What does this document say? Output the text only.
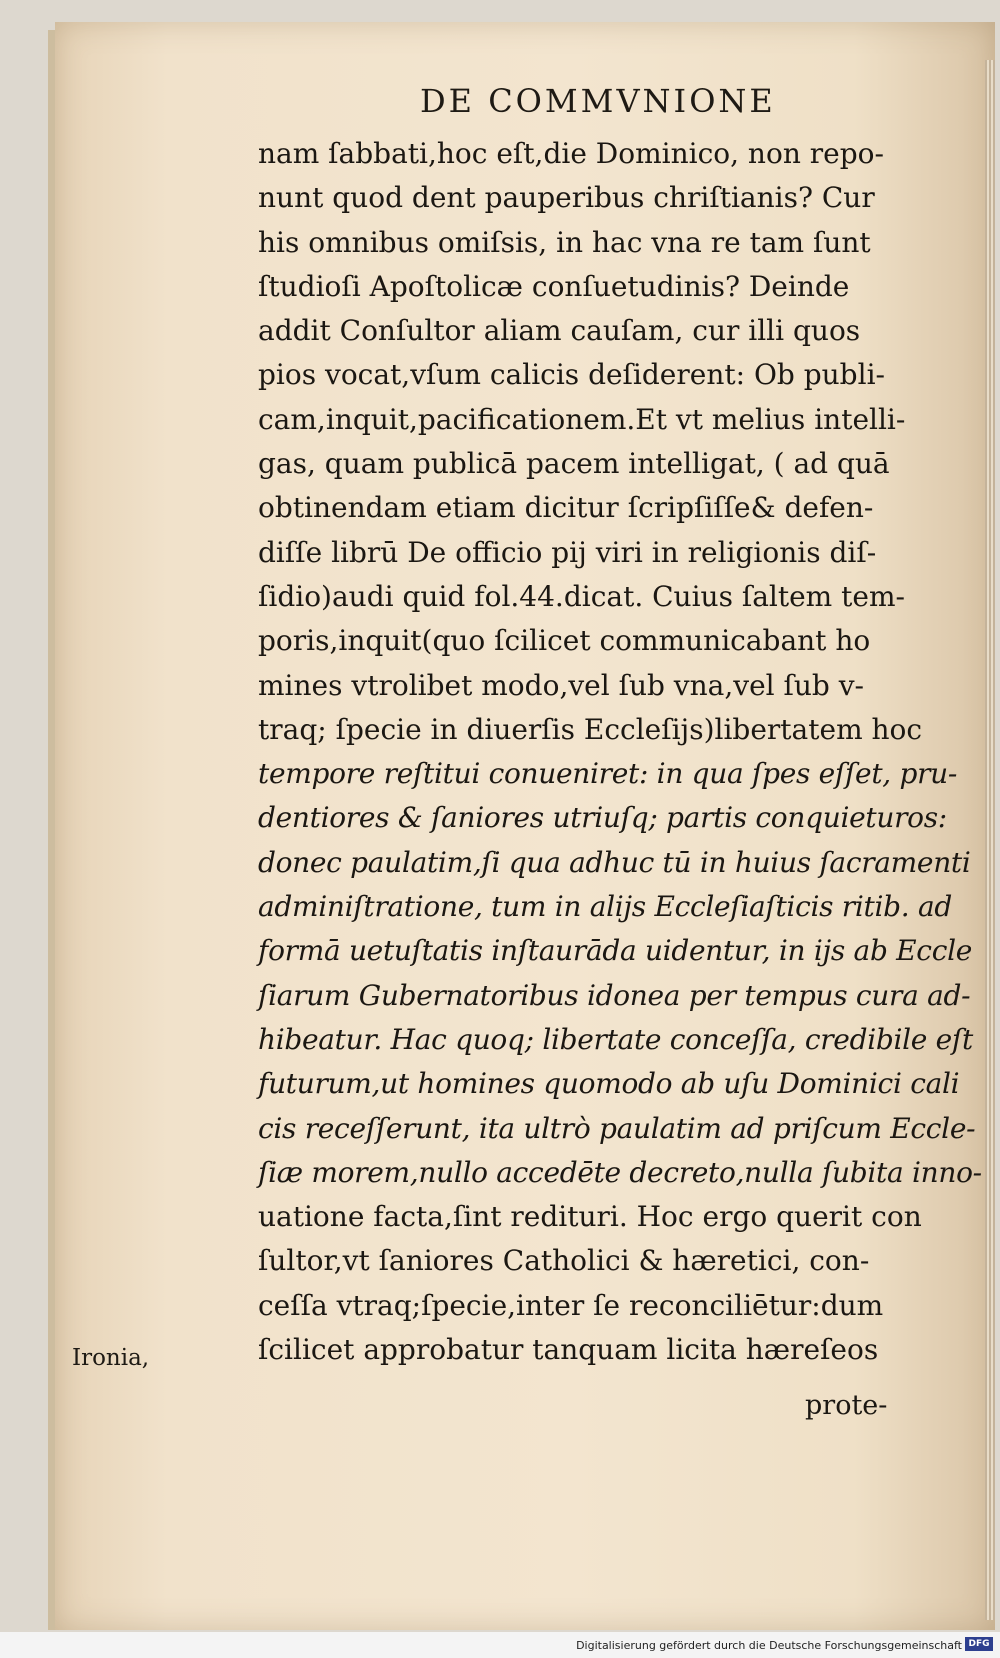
DE COMMVNIONE
nam ſabbati,hoc eſt,die Dominico, non repo-
nunt quod dent pauperibus chriſtianis? Cur
his omnibus omiſsis, in hac vna re tam ſunt
ſtudioſi Apoſtolicæ conſuetudinis? Deinde
addit Conſultor aliam cauſam, cur illi quos
pios vocat,vſum calicis deſiderent: Ob publi-
cam,inquit,pacificationem.Et vt melius intelli-
gas, quam publicā pacem intelligat, ( ad quā
obtinendam etiam dicitur ſcripſiſſe& defen-
diſſe librū De officio pij viri in religionis diſ-
ſidio)audi quid fol.44.dicat. Cuius ſaltem tem-
poris,inquit(quo ſcilicet communicabant ho
mines vtrolibet modo,vel ſub vna,vel ſub v-
traq; ſpecie in diuerſis Eccleſijs)libertatem hoc
tempore reſtitui conueniret: in qua ſpes eſſet, pru-
dentiores & ſaniores utriuſq; partis conquieturos:
donec paulatim,ſi qua adhuc tū in huius ſacramenti
adminiſtratione, tum in alijs Eccleſiaſticis ritib. ad
formā uetuſtatis inſtaurāda uidentur, in ijs ab Eccle
ſiarum Gubernatoribus idonea per tempus cura ad-
hibeatur. Hac quoq; libertate conceſſa, credibile eſt
futurum,ut homines quomodo ab uſu Dominici cali
cis receſſerunt, ita ultrò paulatim ad priſcum Eccle-
ſiæ morem,nullo accedēte decreto,nulla ſubita inno-
uatione facta,ſint redituri. Hoc ergo querit con
ſultor,vt ſaniores Catholici & hæretici, con-
ceſſa vtraq;ſpecie,inter ſe reconciliētur:dum
ſcilicet approbatur tanquam licita hæreſeos
Ironia,
prote-
Digitalisierung gefördert durch die Deutsche Forschungsgemeinschaft DFG
